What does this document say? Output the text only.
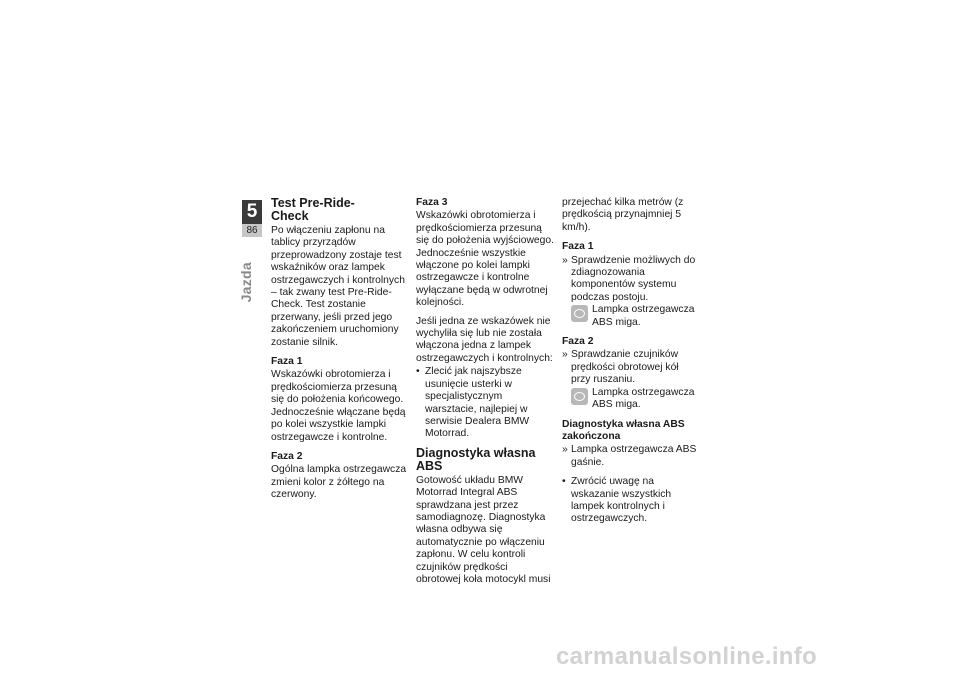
5
86
Jazda
Test Pre-Ride-
Check

Po włączeniu zapłonu na tablicy przyrządów przeprowadzony zostaje test wskaźników oraz lampek ostrzegawczych i kontrolnych – tak zwany test Pre-Ride-Check. Test zostanie przerwany, jeśli przed jego zakończeniem uruchomiony zostanie silnik.

Faza 1

Wskazówki obrotomierza i prędkościomierza przesuną się do położenia końcowego. Jednocześnie włączane będą po kolei wszystkie lampki ostrzegawcze i kontrolne.

Faza 2

Ogólna lampka ostrzegawcza zmieni kolor z żółtego na czerwony.

Faza 3

Wskazówki obrotomierza i prędkościomierza przesuną się do położenia wyjściowego. Jednocześnie wszystkie włączone po kolei lampki ostrzegawcze i kontrolne wyłączane będą w odwrotnej kolejności.

Jeśli jedna ze wskazówek nie wychyliła się lub nie została włączona jedna z lampek ostrzegawczych i kontrolnych:

• Zlecić jak najszybsze usunięcie usterki w specjalistycznym warsztacie, najlepiej w serwisie Dealera BMW Motorrad.
Diagnostyka własna ABS

Gotowość układu BMW Motorrad Integral ABS sprawdzana jest przez samodiagnozę. Diagnostyka własna odbywa się automatycznie po włączeniu zapłonu. W celu kontroli czujników prędkości obrotowej koła motocykl musi

przejechać kilka metrów (z prędkością przynajmniej 5 km/h).

Faza 1
» Sprawdzenie możliwych do zdiagnozowania komponentów systemu podczas postoju.
Lampka ostrzegawcza ABS miga.
Faza 2
» Sprawdzanie czujników prędkości obrotowej kół przy ruszaniu.
Lampka ostrzegawcza ABS miga.
Diagnostyka własna ABS
zakończona
» Lampka ostrzegawcza ABS gaśnie.
• Zwrócić uwagę na wskazanie wszystkich lampek kontrolnych i ostrzegawczych.
carmanualsonline.info
